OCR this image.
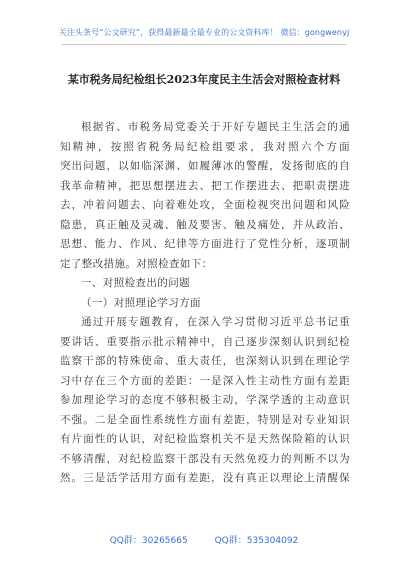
关注头条号“公文研究”，获得最新最全最专业的公文资料库！ 微信：gongwenyj
某市税务局纪检组长2023年度民主生活会对照检查材料
根据省、市税务局党委关于开好专题民主生活会的通
知精神，按照省税务局纪检组要求，我对照六个方面
突出问题，以如临深渊、如履薄冰的警醒，发扬彻底的自
我革命精神，把思想摆进去、把工作摆进去、把职责摆进
去，冲着问题去、向着难处攻，全面检视突出问题和风险
隐患，真正触及灵魂、触及要害、触及痛处，并从政治、
思想、能力、作风、纪律等方面进行了党性分析，逐项制
定了整改措施。对照检查如下：
一、对照检查出的问题
（一）对照理论学习方面
通过开展专题教育，在深入学习贯彻习近平总书记重
要讲话、重要指示批示精神中，自己逐步深刻认识到纪检
监察干部的特殊使命、重大责任，也深刻认识到在理论学
习中存在三个方面的差距：一是深入性主动性方面有差距
参加理论学习的态度不够积极主动，学深学透的主动意识
不强。二是全面性系统性方面有差距，特别是对专业知识
有片面性的认识，对纪检监察机关不是天然保险箱的认识
不够清醒，对纪检监察干部没有天然免疫力的判断不以为
然。三是活学活用方面有差距，没有真正以理论上清醒保
QQ群：30265665	QQ群：535304092
